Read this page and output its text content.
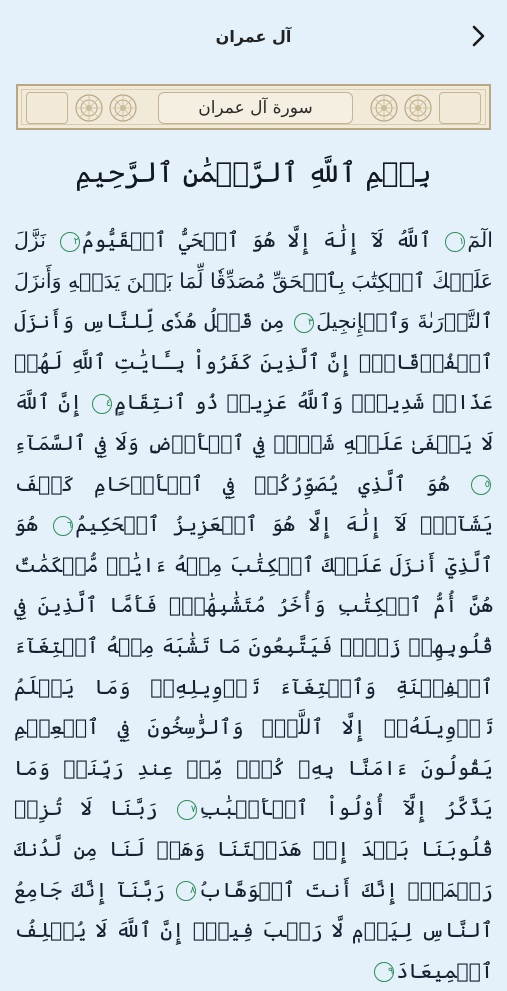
آل عمران
سورة آل عمران
بِسۡمِ ٱللَّهِ ٱلرَّحۡمَٰنِ ٱلرَّحِيمِ
الٓمٓ١ ٱللَّهُ لَآ إِلَٰهَ إِلَّا هُوَ ٱلۡحَيُّ ٱلۡقَيُّومُ٢ نَزَّلَ عَلَيۡكَ ٱلۡكِتَٰبَ بِٱلۡحَقِّ مُصَدِّقٗا لِّمَا بَيۡنَ يَدَيۡهِ وَأَنزَلَ ٱلتَّوۡرَىٰةَ وَٱلۡإِنجِيلَ٣ مِن قَبۡلُ هُدٗى لِّلنَّاسِ وَأَنزَلَ ٱلۡفُرۡقَانَۗ إِنَّ ٱلَّذِينَ كَفَرُواْ بِـَٔايَٰتِ ٱللَّهِ لَهُمۡ عَذَابٞ شَدِيدٞۗ وَٱللَّهُ عَزِيزٞ ذُو ٱنتِقَامٍ٤ إِنَّ ٱللَّهَ لَا يَخۡفَىٰ عَلَيۡهِ شَيۡءٞ فِي ٱلۡأَرۡضِ وَلَا فِي ٱلسَّمَآءِ٥ هُوَ ٱلَّذِي يُصَوِّرُكُمۡ فِي ٱلۡأَرۡحَامِ كَيۡفَ يَشَآءُۚ لَآ إِلَٰهَ إِلَّا هُوَ ٱلۡعَزِيزُ ٱلۡحَكِيمُ٦ هُوَ ٱلَّذِيٓ أَنزَلَ عَلَيۡكَ ٱلۡكِتَٰبَ مِنۡهُ ءَايَٰتٞ مُّحۡكَمَٰتٌ هُنَّ أُمُّ ٱلۡكِتَٰبِ وَأُخَرُ مُتَشَٰبِهَٰتٞۖ فَأَمَّا ٱلَّذِينَ فِي قُلُوبِهِمۡ زَيۡغٞ فَيَتَّبِعُونَ مَا تَشَٰبَهَ مِنۡهُ ٱبۡتِغَآءَ ٱلۡفِتۡنَةِ وَٱبۡتِغَآءَ تَأۡوِيلِهِۦۖ وَمَا يَعۡلَمُ تَأۡوِيلَهُۥٓ إِلَّا ٱللَّهُۗ وَٱلرَّٰسِخُونَ فِي ٱلۡعِلۡمِ يَقُولُونَ ءَامَنَّا بِهِۦ كُلّٞ مِّنۡ عِندِ رَبِّنَاۗ وَمَا يَذَّكَّرُ إِلَّآ أُوْلُواْ ٱلۡأَلۡبَٰبِ٧ رَبَّنَا لَا تُزِغۡ قُلُوبَنَا بَعۡدَ إِذۡ هَدَيۡتَنَا وَهَبۡ لَنَا مِن لَّدُنكَ رَحۡمَةًۚ إِنَّكَ أَنتَ ٱلۡوَهَّابُ٨ رَبَّنَآ إِنَّكَ جَامِعُ ٱلنَّاسِ لِيَوۡمٖ لَّا رَيۡبَ فِيهِۚ إِنَّ ٱللَّهَ لَا يُخۡلِفُ ٱلۡمِيعَادَ٩
